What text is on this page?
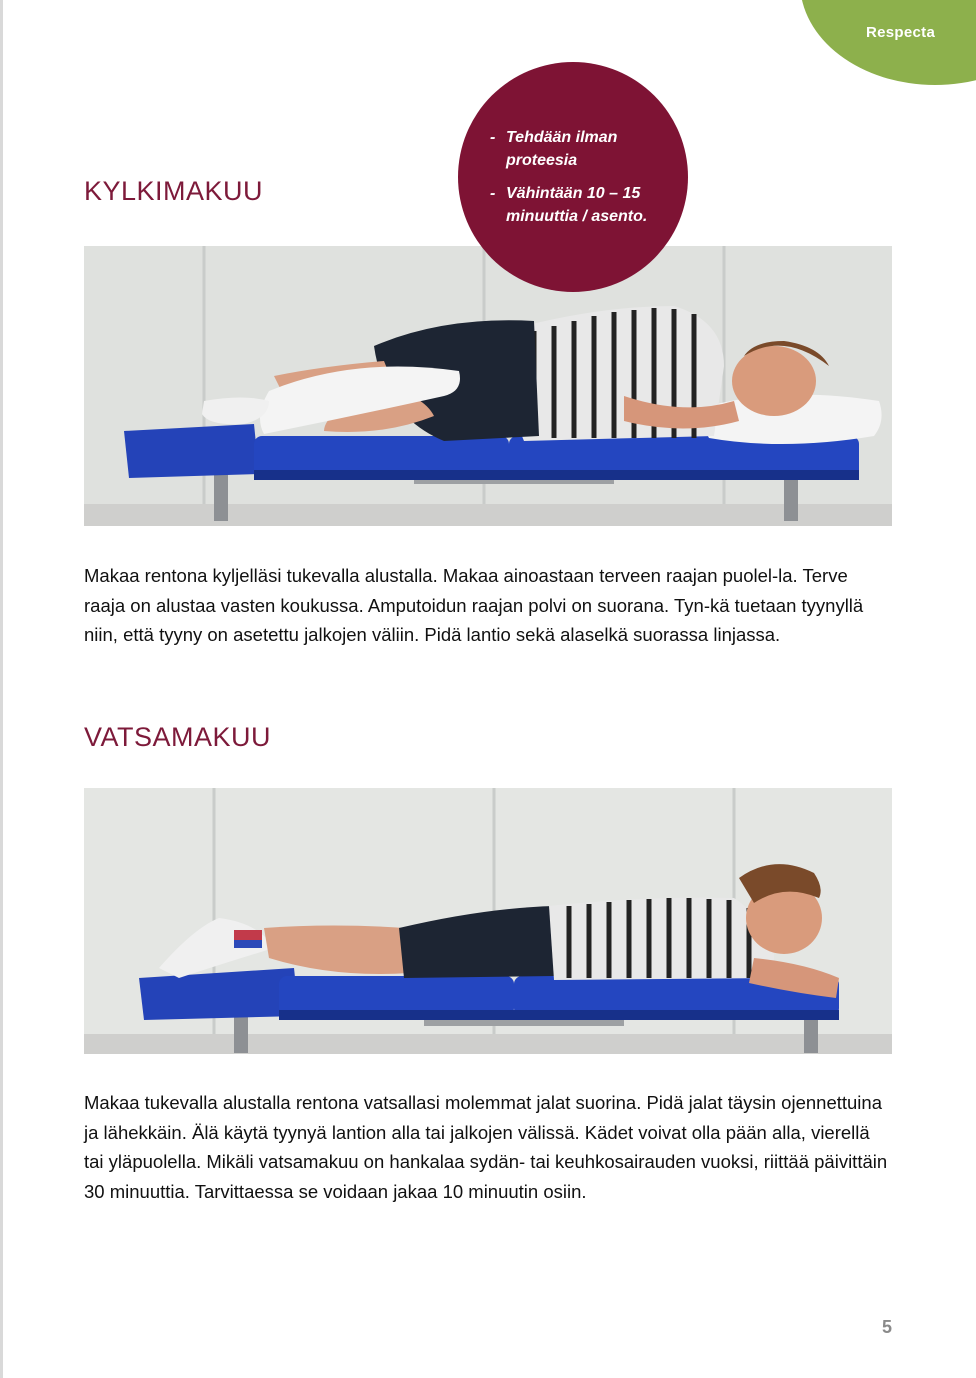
Respecta
KYLKIMAKUU
- Tehdään ilman proteesia
- Vähintään 10 – 15 minuuttia / asento.

Makaa rentona kyljelläsi tukevalla alustalla. Makaa ainoastaan terveen raajan puolel-la. Terve raaja on alustaa vasten koukussa. Amputoidun raajan polvi on suorana. Tyn-kä tuetaan tyynyllä niin, että tyyny on asetettu jalkojen väliin. Pidä lantio sekä alaselkä suorassa linjassa.

VATSAMAKUU

Makaa tukevalla alustalla rentona vatsallasi molemmat jalat suorina. Pidä jalat täysin ojennettuina ja lähekkäin. Älä käytä tyynyä lantion alla tai jalkojen välissä. Kädet voivat olla pään alla, vierellä tai yläpuolella. Mikäli vatsamakuu on hankalaa sydän- tai keuhkosairauden vuoksi, riittää päivittäin 30 minuuttia. Tarvittaessa se voidaan jakaa 10 minuutin osiin.

5
